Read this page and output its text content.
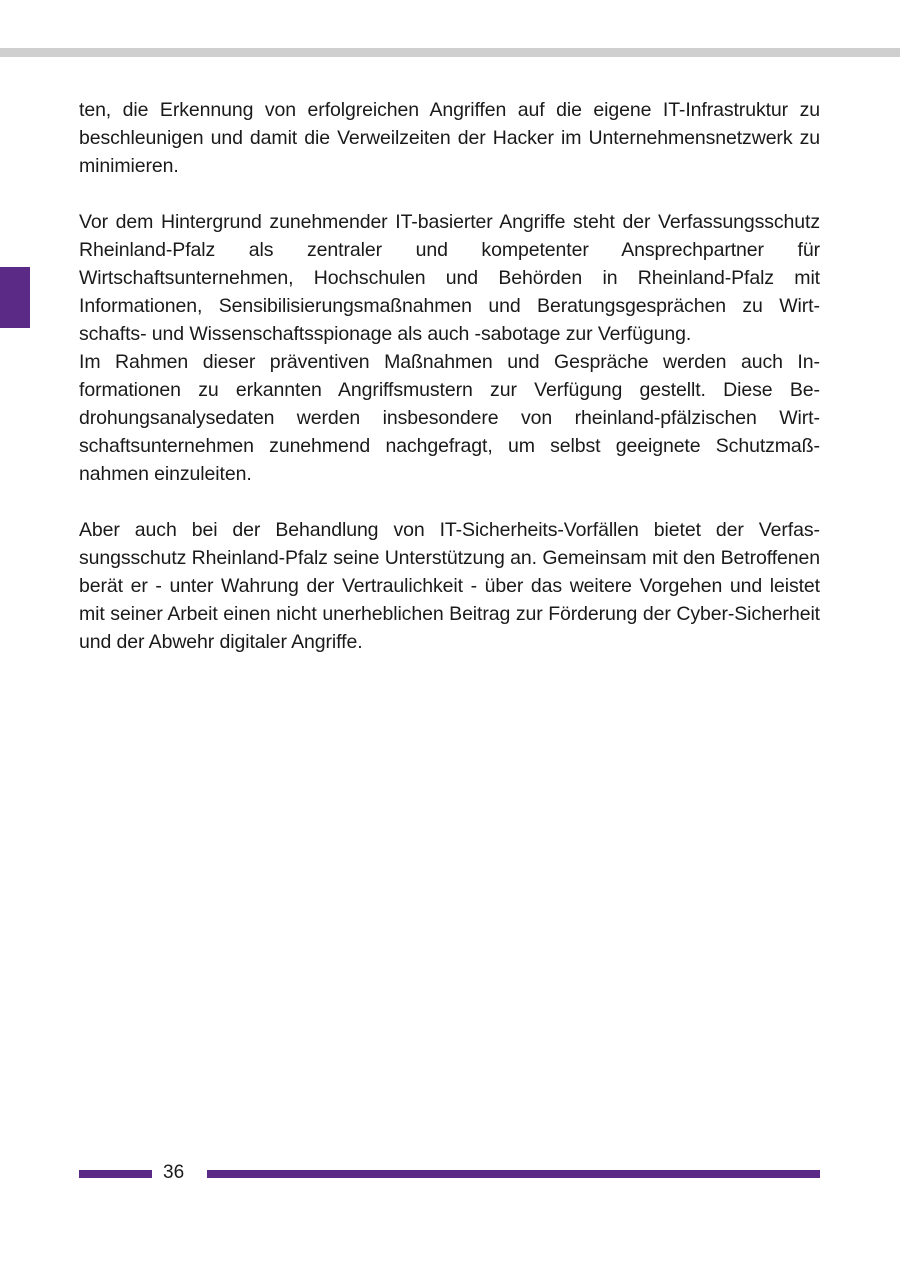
ten, die Erkennung von erfolgreichen Angriffen auf die eigene IT-Infrastruktur zu beschleunigen und damit die Verweilzeiten der Hacker im Unternehmensnetzwerk zu minimieren.

Vor dem Hintergrund zunehmender IT-basierter Angriffe steht der Verfassungsschutz Rheinland-Pfalz als zentraler und kompetenter Ansprechpartner für Wirtschaftsunternehmen, Hochschulen und Behörden in Rheinland-Pfalz mit Informationen, Sensibilisierungsmaßnahmen und Beratungsgesprächen zu Wirtschafts- und Wissenschaftsspionage als auch -sabotage zur Verfügung.

Im Rahmen dieser präventiven Maßnahmen und Gespräche werden auch Informationen zu erkannten Angriffsmustern zur Verfügung gestellt. Diese Bedrohungsanalysedaten werden insbesondere von rheinland-pfälzischen Wirtschaftsunternehmen zunehmend nachgefragt, um selbst geeignete Schutzmaßnahmen einzuleiten.

Aber auch bei der Behandlung von IT-Sicherheits-Vorfällen bietet der Verfassungsschutz Rheinland-Pfalz seine Unterstützung an. Gemeinsam mit den Betroffenen berät er - unter Wahrung der Vertraulichkeit - über das weitere Vorgehen und leistet mit seiner Arbeit einen nicht unerheblichen Beitrag zur Förderung der Cyber-Sicherheit und der Abwehr digitaler Angriffe.

36
